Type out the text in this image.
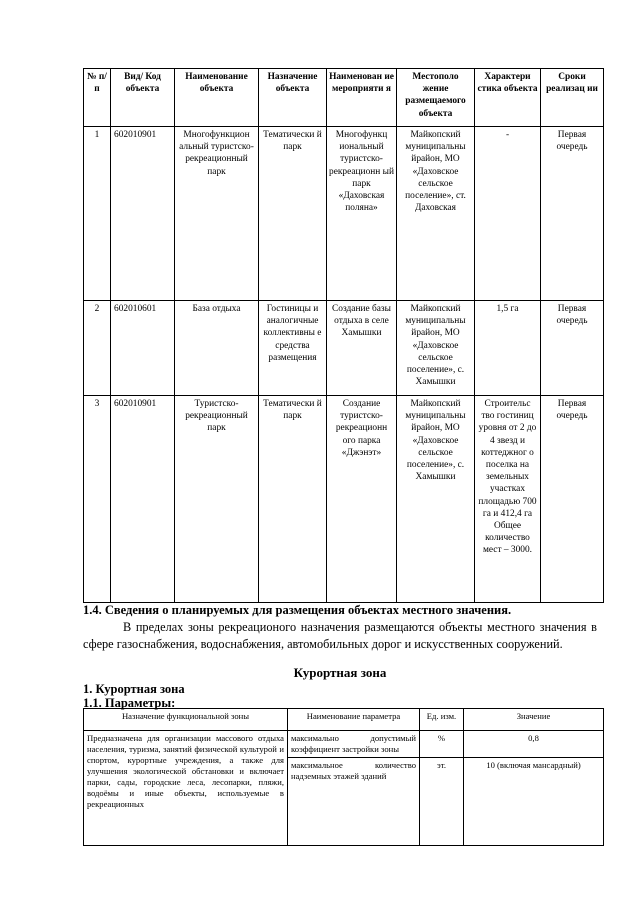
№ п/п	Вид/ Код объекта	Наименование объекта	Назначение объекта	Наименован ие мероприяти я	Местополо жение размещаемого объекта	Характери стика объекта	Сроки реализац ии
1	602010901	Многофункцион альный туристско-рекреационный парк	Тематически й парк	Многофункц иональный туристско-рекреационн ый парк «Даховская поляна»	Майкопский муниципальны йрайон, МО «Даховское сельское поселение», ст. Даховская	-	Первая очередь
2	602010601	База отдыха	Гостиницы и аналогичные коллективны е средства размещения	Создание базы отдыха в селе Хамышки	Майкопский муниципальны йрайон, МО «Даховское сельское поселение», с. Хамышки	1,5 га	Первая очередь
3	602010901	Туристско-рекреационный парк	Тематически й парк	Создание туристско-рекреационн ого парка «Джэнэт»	Майкопский муниципальны йрайон, МО «Даховское сельское поселение», с. Хамышки	Строительс тво гостиниц уровня от 2 до 4 звезд и коттеджног о поселка на земельных участках площадью 700 га и 412,4 га Общее количество мест – 3000.	Первая очередь
1.4. Сведения о планируемых для размещения объектах местного значения.
В пределах зоны рекреационого назначения размещаются объекты местного значения в сфере газоснабжения, водоснабжения, автомобильных дорог и искусственных сооружений.
Курортная зона
1. Курортная зона
1.1. Параметры:
Назначение функциональной зоны	Наименование параметра	Ед. изм.	Значение
Предназначена для организации массового отдыха населения, туризма, занятий физической культурой и спортом, курортные учреждения, а также для улучшения экологической обстановки и включает парки, сады, городские леса, лесопарки, пляжи, водоёмы и иные объекты, используемые в рекреационных	максимально допустимый коэффициент застройки зоны	%	0,8
	максимальное количество надземных этажей зданий	эт.	10 (включая мансардный)
